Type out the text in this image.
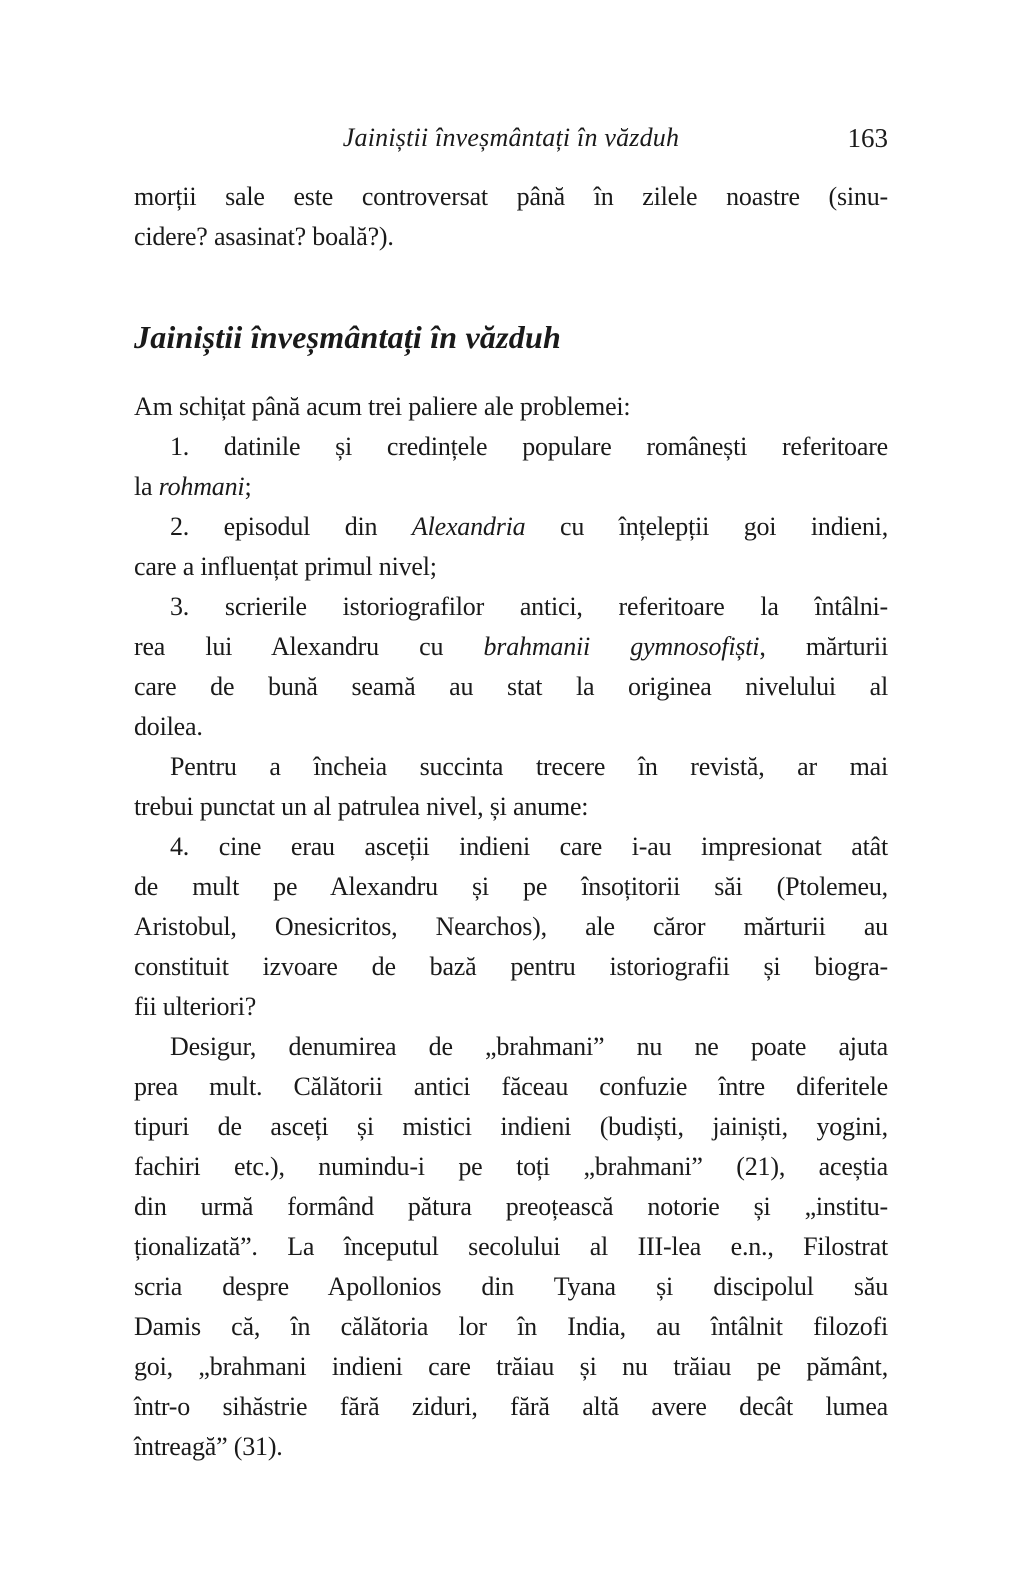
Jainiștii înveșmântați în văzduh	163
morții sale este controversat până în zilele noastre (sinu-
cidere? asasinat? boală?).
Jainiștii înveșmântați în văzduh
Am schițat până acum trei paliere ale problemei:
1. datinile și credințele populare românești referitoare
la rohmani;
2. episodul din Alexandria cu înțelepții goi indieni,
care a influențat primul nivel;
3. scrierile istoriografilor antici, referitoare la întâlni-
rea lui Alexandru cu brahmanii gymnosofiști, mărturii
care de bună seamă au stat la originea nivelului al
doilea.
Pentru a încheia succinta trecere în revistă, ar mai
trebui punctat un al patrulea nivel, și anume:
4. cine erau asceții indieni care i-au impresionat atât
de mult pe Alexandru și pe însoțitorii săi (Ptolemeu,
Aristobul, Onesicritos, Nearchos), ale căror mărturii au
constituit izvoare de bază pentru istoriografii și biogra-
fii ulteriori?
Desigur, denumirea de „brahmani” nu ne poate ajuta
prea mult. Călătorii antici făceau confuzie între diferitele
tipuri de asceți și mistici indieni (budiști, jainiști, yogini,
fachiri etc.), numindu-i pe toți „brahmani” (21), aceștia
din urmă formând pătura preoțească notorie și „institu-
ționalizată”. La începutul secolului al III-lea e.n., Filostrat
scria despre Apollonios din Tyana și discipolul său
Damis că, în călătoria lor în India, au întâlnit filozofi
goi, „brahmani indieni care trăiau și nu trăiau pe pământ,
într-o sihăstrie fără ziduri, fără altă avere decât lumea
întreagă” (31).
